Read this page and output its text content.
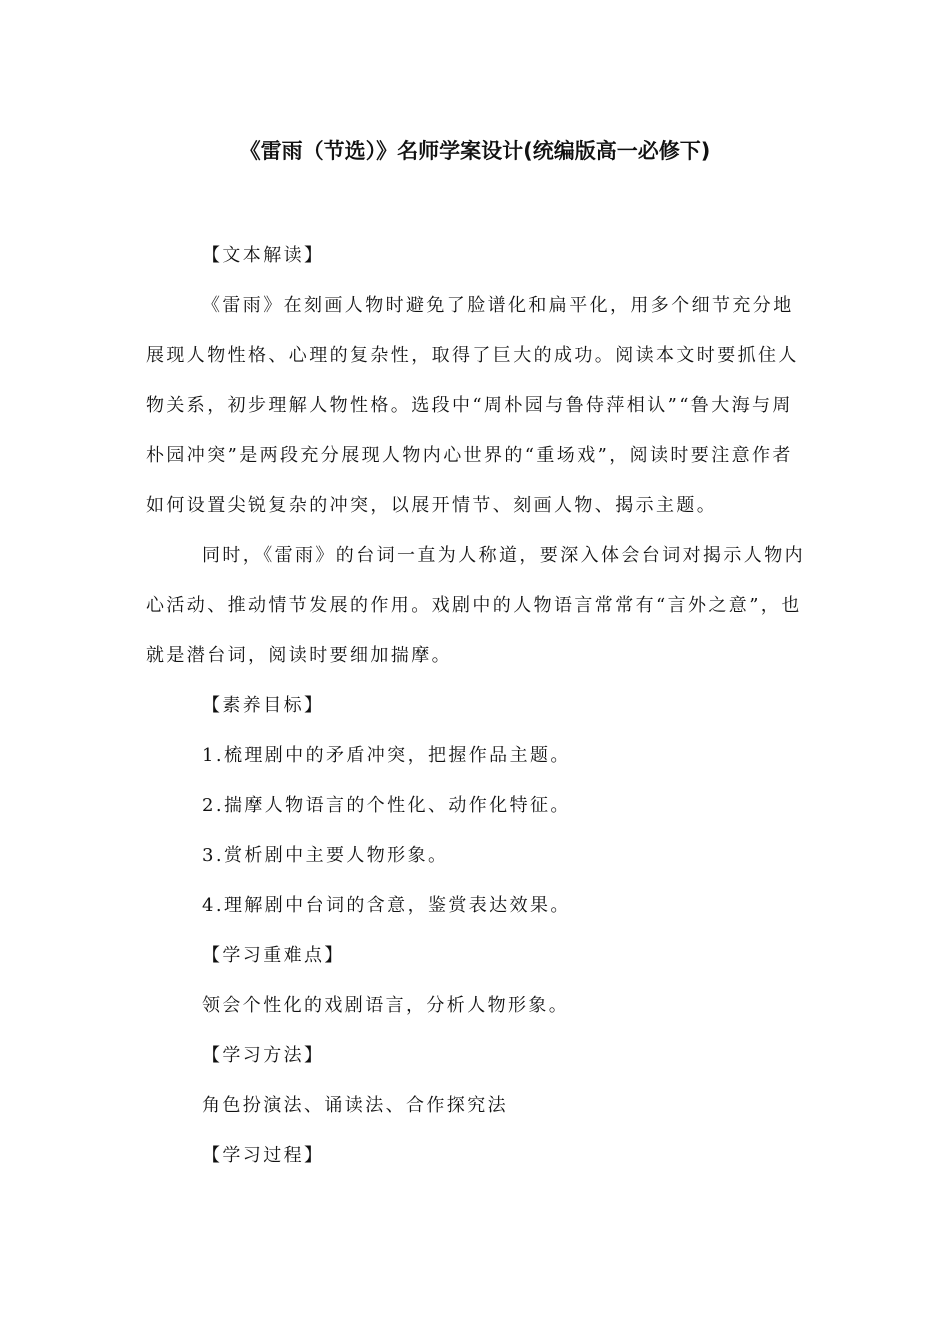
《雷雨（节选）》名师学案设计(统编版高一必修下)

【文本解读】

《雷雨》在刻画人物时避免了脸谱化和扁平化，用多个细节充分地展现人物性格、心理的复杂性，取得了巨大的成功。阅读本文时要抓住人物关系，初步理解人物性格。选段中“周朴园与鲁侍萍相认”“鲁大海与周朴园冲突”是两段充分展现人物内心世界的“重场戏”，阅读时要注意作者如何设置尖锐复杂的冲突，以展开情节、刻画人物、揭示主题。

同时，《雷雨》的台词一直为人称道，要深入体会台词对揭示人物内心活动、推动情节发展的作用。戏剧中的人物语言常常有“言外之意”，也就是潜台词，阅读时要细加揣摩。

【素养目标】

1.梳理剧中的矛盾冲突，把握作品主题。

2.揣摩人物语言的个性化、动作化特征。

3.赏析剧中主要人物形象。

4.理解剧中台词的含意，鉴赏表达效果。

【学习重难点】

领会个性化的戏剧语言，分析人物形象。

【学习方法】

角色扮演法、诵读法、合作探究法

【学习过程】
